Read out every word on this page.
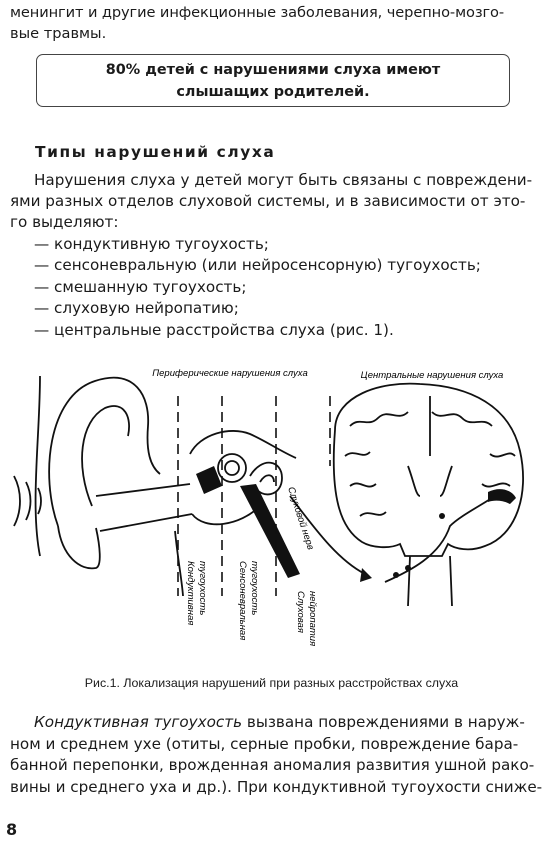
менингит и другие инфекционные заболевания, черепно-мозго-
вые травмы.
80% детей с нарушениями слуха имеют
слышащих родителей.
Типы нарушений слуха
Нарушения слуха у детей могут быть связаны с повреждени-
ями разных отделов слуховой системы, и в зависимости от это-
го выделяют:
— кондуктивную тугоухость;
— сенсоневральную (или нейросенсорную) тугоухость;
— смешанную тугоухость;
— слуховую нейропатию;
— центральные расстройства слуха (рис. 1).
Периферические нарушения слуха	Центральные нарушения слуха
Слуховой нерв
Кондуктивная тугоухость	Сенсоневральная тугоухость	Слуховая нейропатия
Рис.1. Локализация нарушений при разных расстройствах слуха
Кондуктивная тугоухость вызвана повреждениями в наруж-
ном и среднем ухе (отиты, серные пробки, повреждение бара-
банной перепонки, врожденная аномалия развития ушной рако-
вины и среднего уха и др.). При кондуктивной тугоухости сниже-
8
